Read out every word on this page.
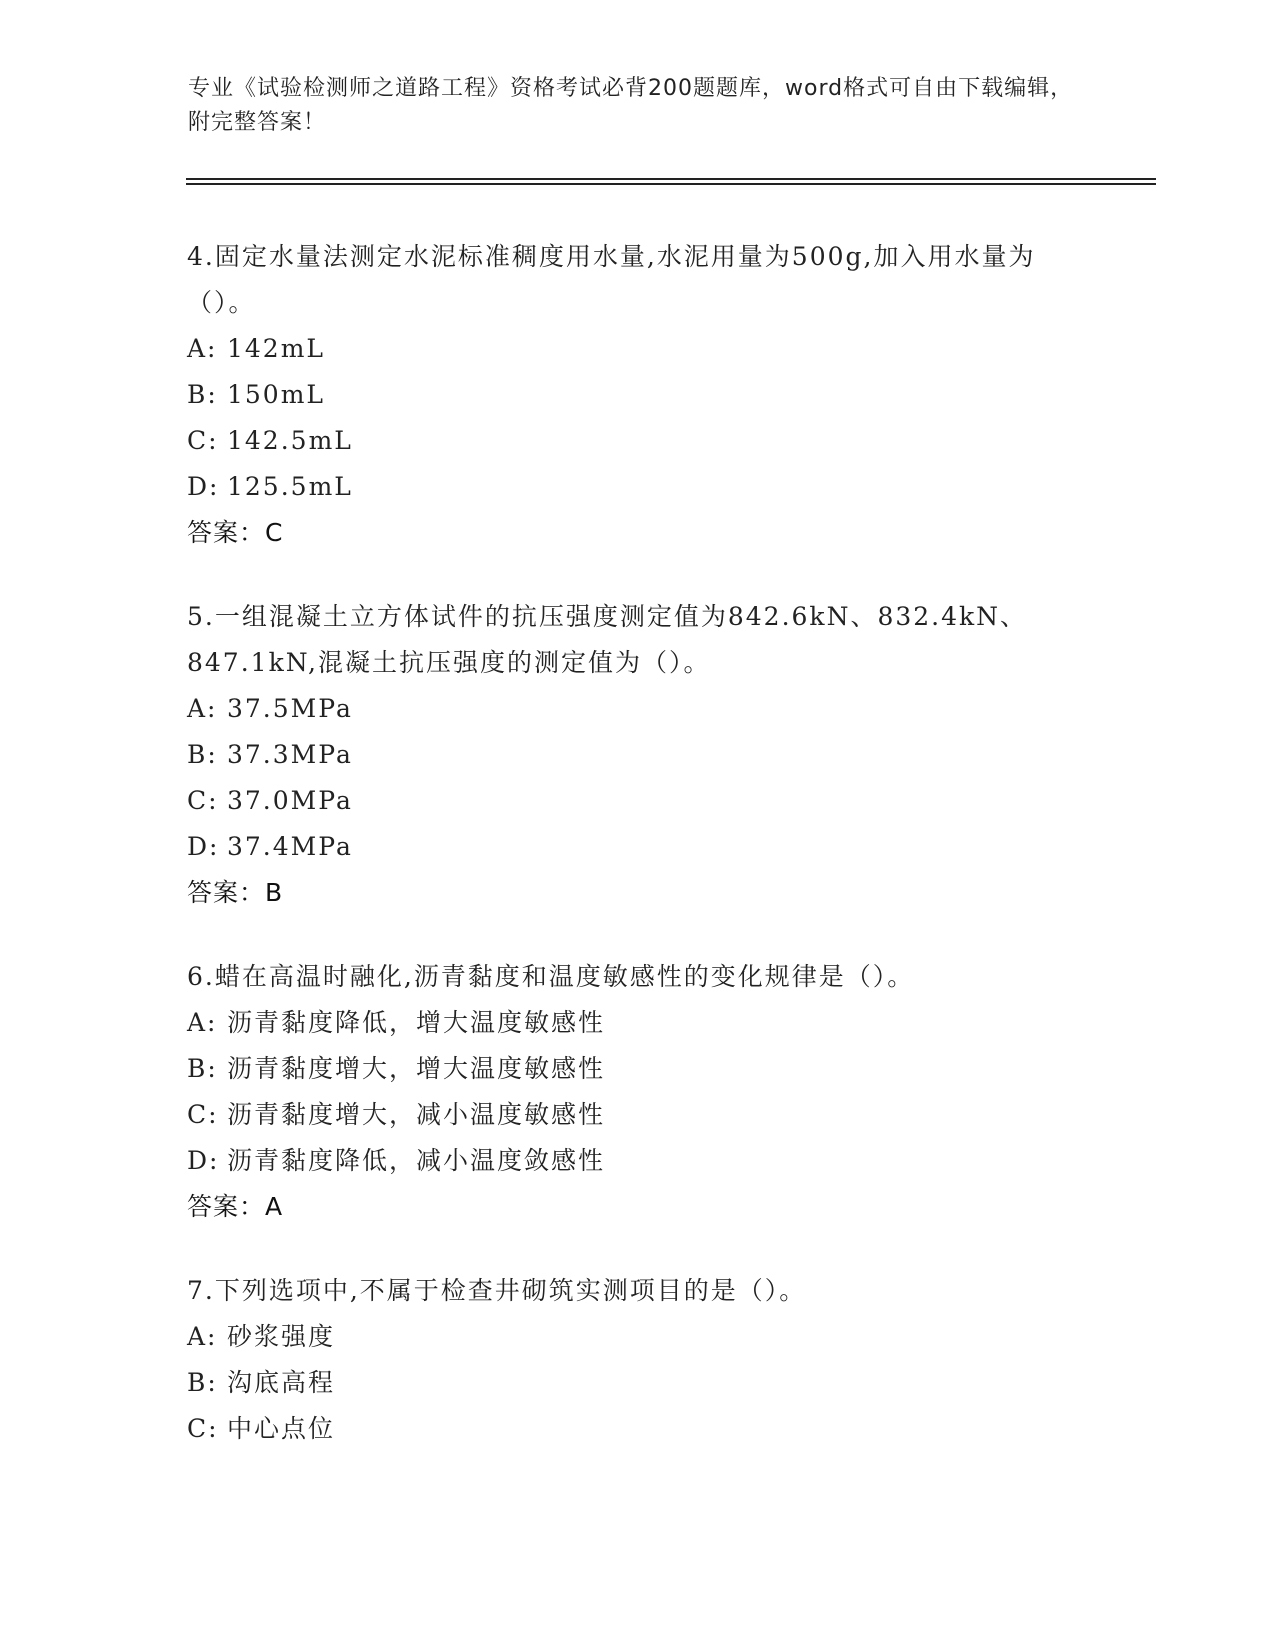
专业《试验检测师之道路工程》资格考试必背200题题库，word格式可自由下载编辑，附完整答案！

4.固定水量法测定水泥标准稠度用水量,水泥用量为500g,加入用水量为（）。

A: 142mL
B: 150mL
C: 142.5mL
D: 125.5mL

答案：C

5.一组混凝土立方体试件的抗压强度测定值为842.6kN、832.4kN、847.1kN,混凝土抗压强度的测定值为（）。

A: 37.5MPa
B: 37.3MPa
C: 37.0MPa
D: 37.4MPa

答案：B

6.蜡在高温时融化,沥青黏度和温度敏感性的变化规律是（）。

A: 沥青黏度降低，增大温度敏感性
B: 沥青黏度增大，增大温度敏感性
C: 沥青黏度增大，减小温度敏感性
D: 沥青黏度降低，减小温度敛感性

答案：A

7.下列选项中,不属于检查井砌筑实测项目的是（）。

A: 砂浆强度
B: 沟底高程
C: 中心点位
